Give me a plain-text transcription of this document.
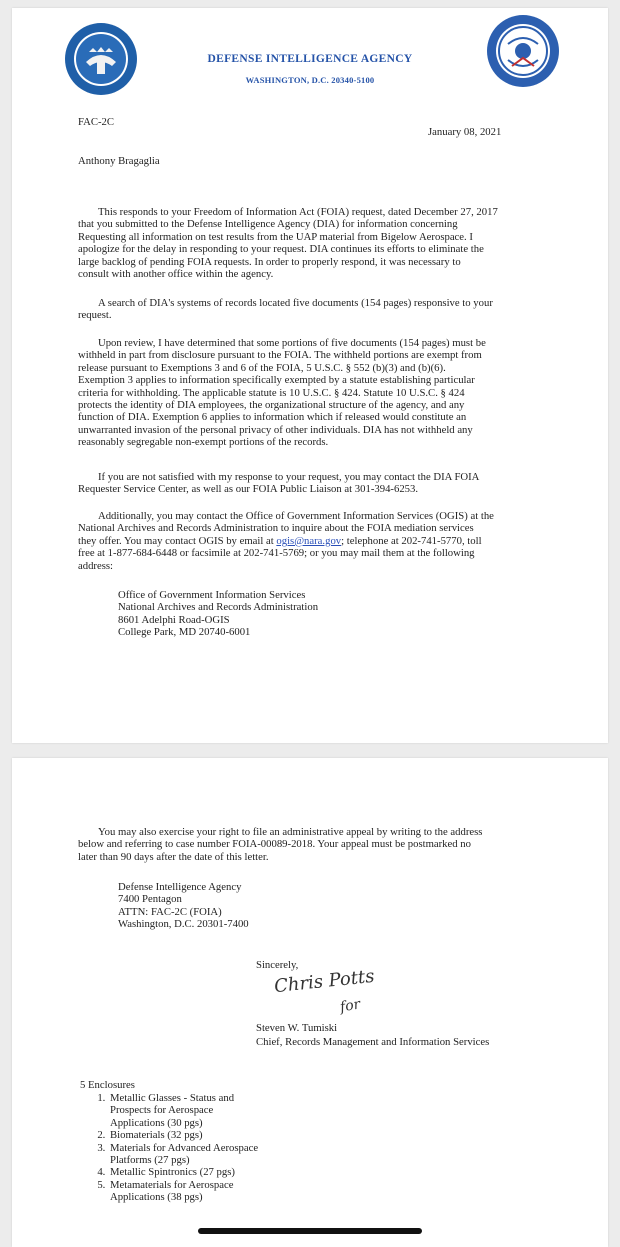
DEFENSE INTELLIGENCE AGENCY
WASHINGTON, D.C. 20340-5100
FAC-2C
January 08, 2021
Anthony Bragaglia
This responds to your Freedom of Information Act (FOIA) request, dated December 27, 2017
that you submitted to the Defense Intelligence Agency (DIA) for information concerning
Requesting all information on test results from the UAP material from Bigelow Aerospace. I
apologize for the delay in responding to your request. DIA continues its efforts to eliminate the
large backlog of pending FOIA requests. In order to properly respond, it was necessary to
consult with another office within the agency.
A search of DIA's systems of records located five documents (154 pages) responsive to your
request.
Upon review, I have determined that some portions of five documents (154 pages) must be
withheld in part from disclosure pursuant to the FOIA. The withheld portions are exempt from
release pursuant to Exemptions 3 and 6 of the FOIA, 5 U.S.C. § 552 (b)(3) and (b)(6).
Exemption 3 applies to information specifically exempted by a statute establishing particular
criteria for withholding. The applicable statute is 10 U.S.C. § 424. Statute 10 U.S.C. § 424
protects the identity of DIA employees, the organizational structure of the agency, and any
function of DIA. Exemption 6 applies to information which if released would constitute an
unwarranted invasion of the personal privacy of other individuals. DIA has not withheld any
reasonably segregable non-exempt portions of the records.
If you are not satisfied with my response to your request, you may contact the DIA FOIA
Requester Service Center, as well as our FOIA Public Liaison at 301-394-6253.
Additionally, you may contact the Office of Government Information Services (OGIS) at the
National Archives and Records Administration to inquire about the FOIA mediation services
they offer. You may contact OGIS by email at ogis@nara.gov; telephone at 202-741-5770, toll
free at 1-877-684-6448 or facsimile at 202-741-5769; or you may mail them at the following
address:
Office of Government Information Services
National Archives and Records Administration
8601 Adelphi Road-OGIS
College Park, MD 20740-6001
You may also exercise your right to file an administrative appeal by writing to the address
below and referring to case number FOIA-00089-2018. Your appeal must be postmarked no
later than 90 days after the date of this letter.
Defense Intelligence Agency
7400 Pentagon
ATTN: FAC-2C (FOIA)
Washington, D.C. 20301-7400
Sincerely,
Chris Potts
for
Steven W. Tumiski
Chief, Records Management and Information Services
5 Enclosures
1. Metallic Glasses - Status and
Prospects for Aerospace
Applications (30 pgs)
2. Biomaterials (32 pgs)
3. Materials for Advanced Aerospace
Platforms (27 pgs)
4. Metallic Spintronics (27 pgs)
5. Metamaterials for Aerospace
Applications (38 pgs)
